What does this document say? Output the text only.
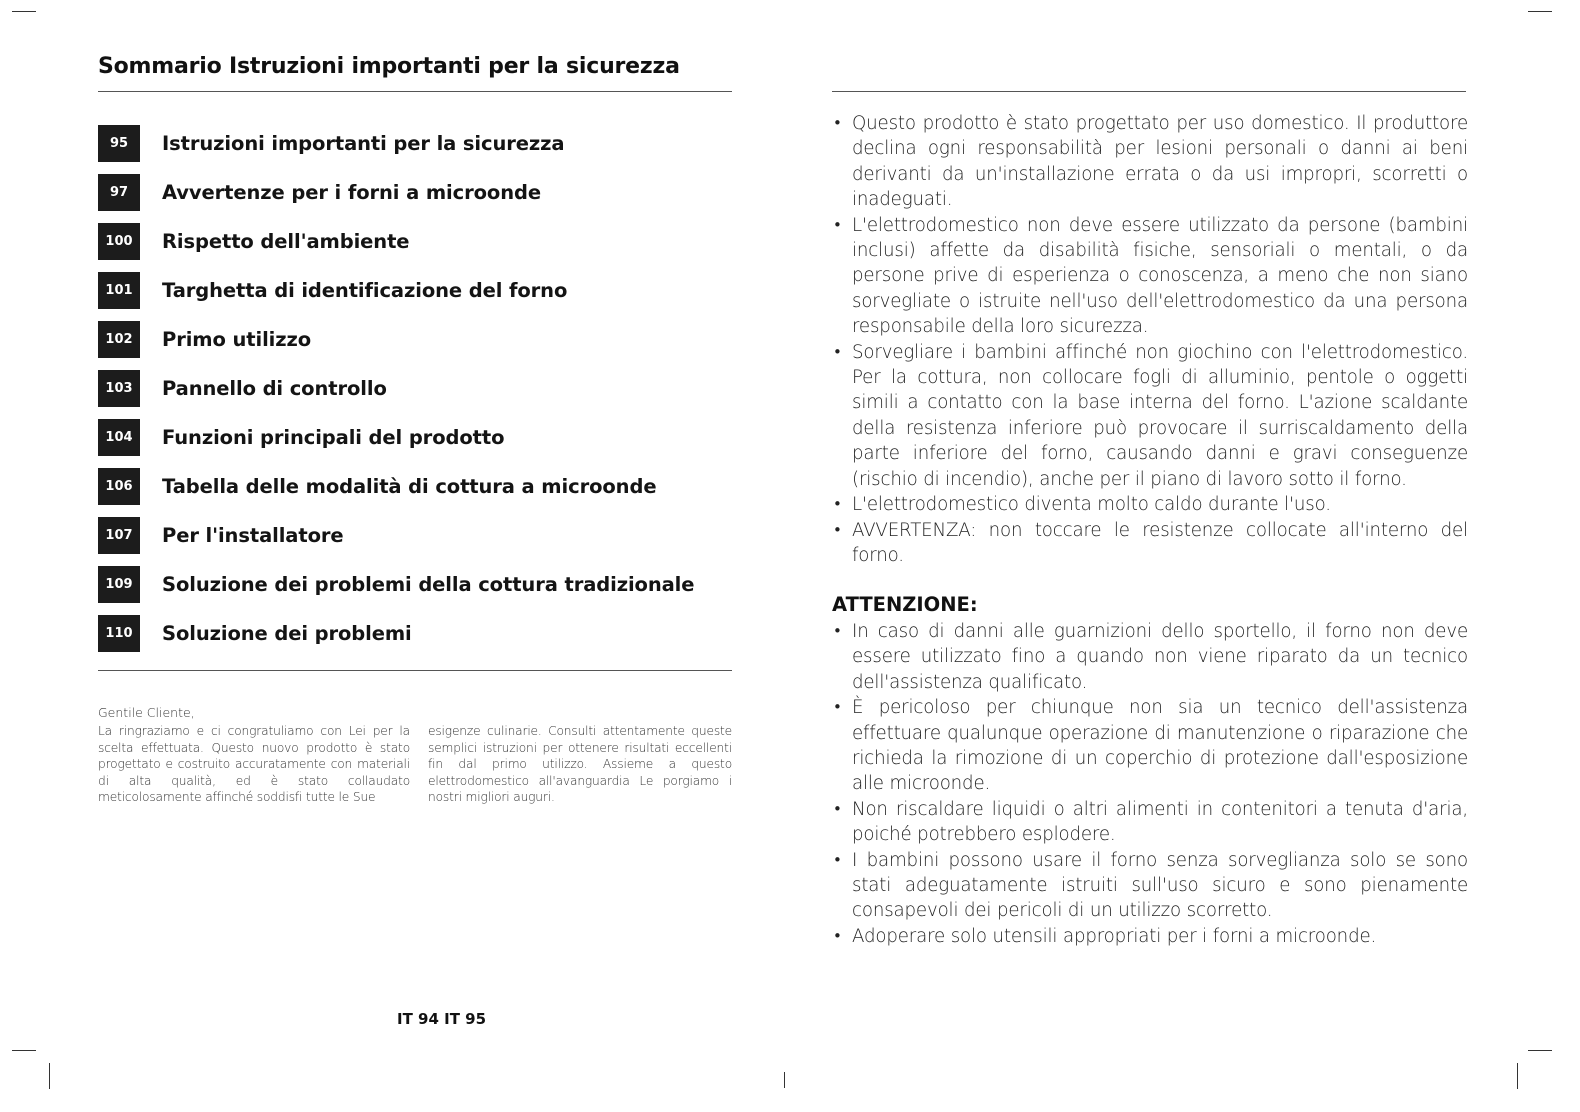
Sommario Istruzioni importanti per la sicurezza
95	Istruzioni importanti per la sicurezza
97	Avvertenze per i forni a microonde
100	Rispetto dell'ambiente
101	Targhetta di identificazione del forno
102	Primo utilizzo
103	Pannello di controllo
104	Funzioni principali del prodotto
106	Tabella delle modalità di cottura a microonde
107	Per l'installatore
109	Soluzione dei problemi della cottura tradizionale
110	Soluzione dei problemi
Gentile Cliente,

La ringraziamo e ci congratuliamo con Lei per la scelta effettuata. Questo nuovo prodotto è stato progettato e costruito accuratamente con materiali di alta qualità, ed è stato collaudato meticolosamente affinché soddisfi tutte le Sue

esigenze culinarie. Consulti attentamente queste semplici istruzioni per ottenere risultati eccellenti fin dal primo utilizzo. Assieme a questo elettrodomestico all'avanguardia Le porgiamo i nostri migliori auguri.

IT 94 IT 95
• Questo prodotto è stato progettato per uso domestico. Il produttore declina ogni responsabilità per lesioni personali o danni ai beni derivanti da un'installazione errata o da usi impropri, scorretti o inadeguati.
• L'elettrodomestico non deve essere utilizzato da persone (bambini inclusi) affette da disabilità fisiche, sensoriali o mentali, o da persone prive di esperienza o conoscenza, a meno che non siano sorvegliate o istruite nell'uso dell'elettrodomestico da una persona responsabile della loro sicurezza.
• Sorvegliare i bambini affinché non giochino con l'elettrodomestico. Per la cottura, non collocare fogli di alluminio, pentole o oggetti simili a contatto con la base interna del forno. L'azione scaldante della resistenza inferiore può provocare il surriscaldamento della parte inferiore del forno, causando danni e gravi conseguenze (rischio di incendio), anche per il piano di lavoro sotto il forno.
• L'elettrodomestico diventa molto caldo durante l'uso.
• AVVERTENZA: non toccare le resistenze collocate all'interno del forno.
ATTENZIONE:
• In caso di danni alle guarnizioni dello sportello, il forno non deve essere utilizzato fino a quando non viene riparato da un tecnico dell'assistenza qualificato.
• È pericoloso per chiunque non sia un tecnico dell'assistenza effettuare qualunque operazione di manutenzione o riparazione che richieda la rimozione di un coperchio di protezione dall'esposizione alle microonde.
• Non riscaldare liquidi o altri alimenti in contenitori a tenuta d'aria, poiché potrebbero esplodere.
• I bambini possono usare il forno senza sorveglianza solo se sono stati adeguatamente istruiti sull'uso sicuro e sono pienamente consapevoli dei pericoli di un utilizzo scorretto.
• Adoperare solo utensili appropriati per i forni a microonde.
